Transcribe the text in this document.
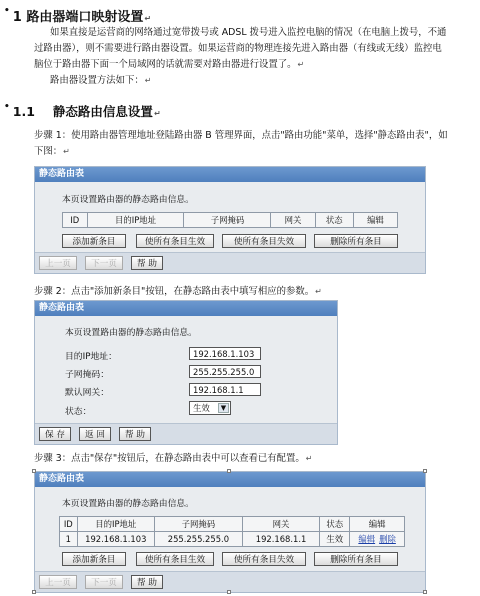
• 1 路由器端口映射设置↵
如果直接是运营商的网络通过宽带拨号或 ADSL 拨号进入监控电脑的情况（在电脑上拨号，不通
过路由器），则不需要进行路由器设置。如果运营商的物理连接先进入路由器（有线或无线）监控电
脑位于路由器下面一个局域网的话就需要对路由器进行设置了。↵
路由器设置方法如下：↵
• 1.1 静态路由信息设置↵
步骤 1：使用路由器管理地址登陆路由器 B 管理界面，点击"路由功能"菜单，选择"静态路由表"，如
下图：↵
静态路由表
本页设置路由器的静态路由信息。
ID	目的IP地址	子网掩码	网关	状态	编辑
添加新条目	使所有条目生效	使所有条目失效	删除所有条目
上一页	下一页	帮 助
步骤 2：点击"添加新条目"按钮，在静态路由表中填写相应的参数。↵
静态路由表
本页设置路由器的静态路由信息。
目的IP地址：	192.168.1.103
子网掩码：	255.255.255.0
默认网关：	192.168.1.1
状态：	生效	▼
保 存	返 回	帮 助
步骤 3：点击"保存"按钮后，在静态路由表中可以查看已有配置。↵
静态路由表
本页设置路由器的静态路由信息。
ID	目的IP地址	子网掩码	网关	状态	编辑
1	192.168.1.103	255.255.255.0	192.168.1.1	生效	编辑 删除
添加新条目	使所有条目生效	使所有条目失效	删除所有条目
上一页	下一页	帮 助
